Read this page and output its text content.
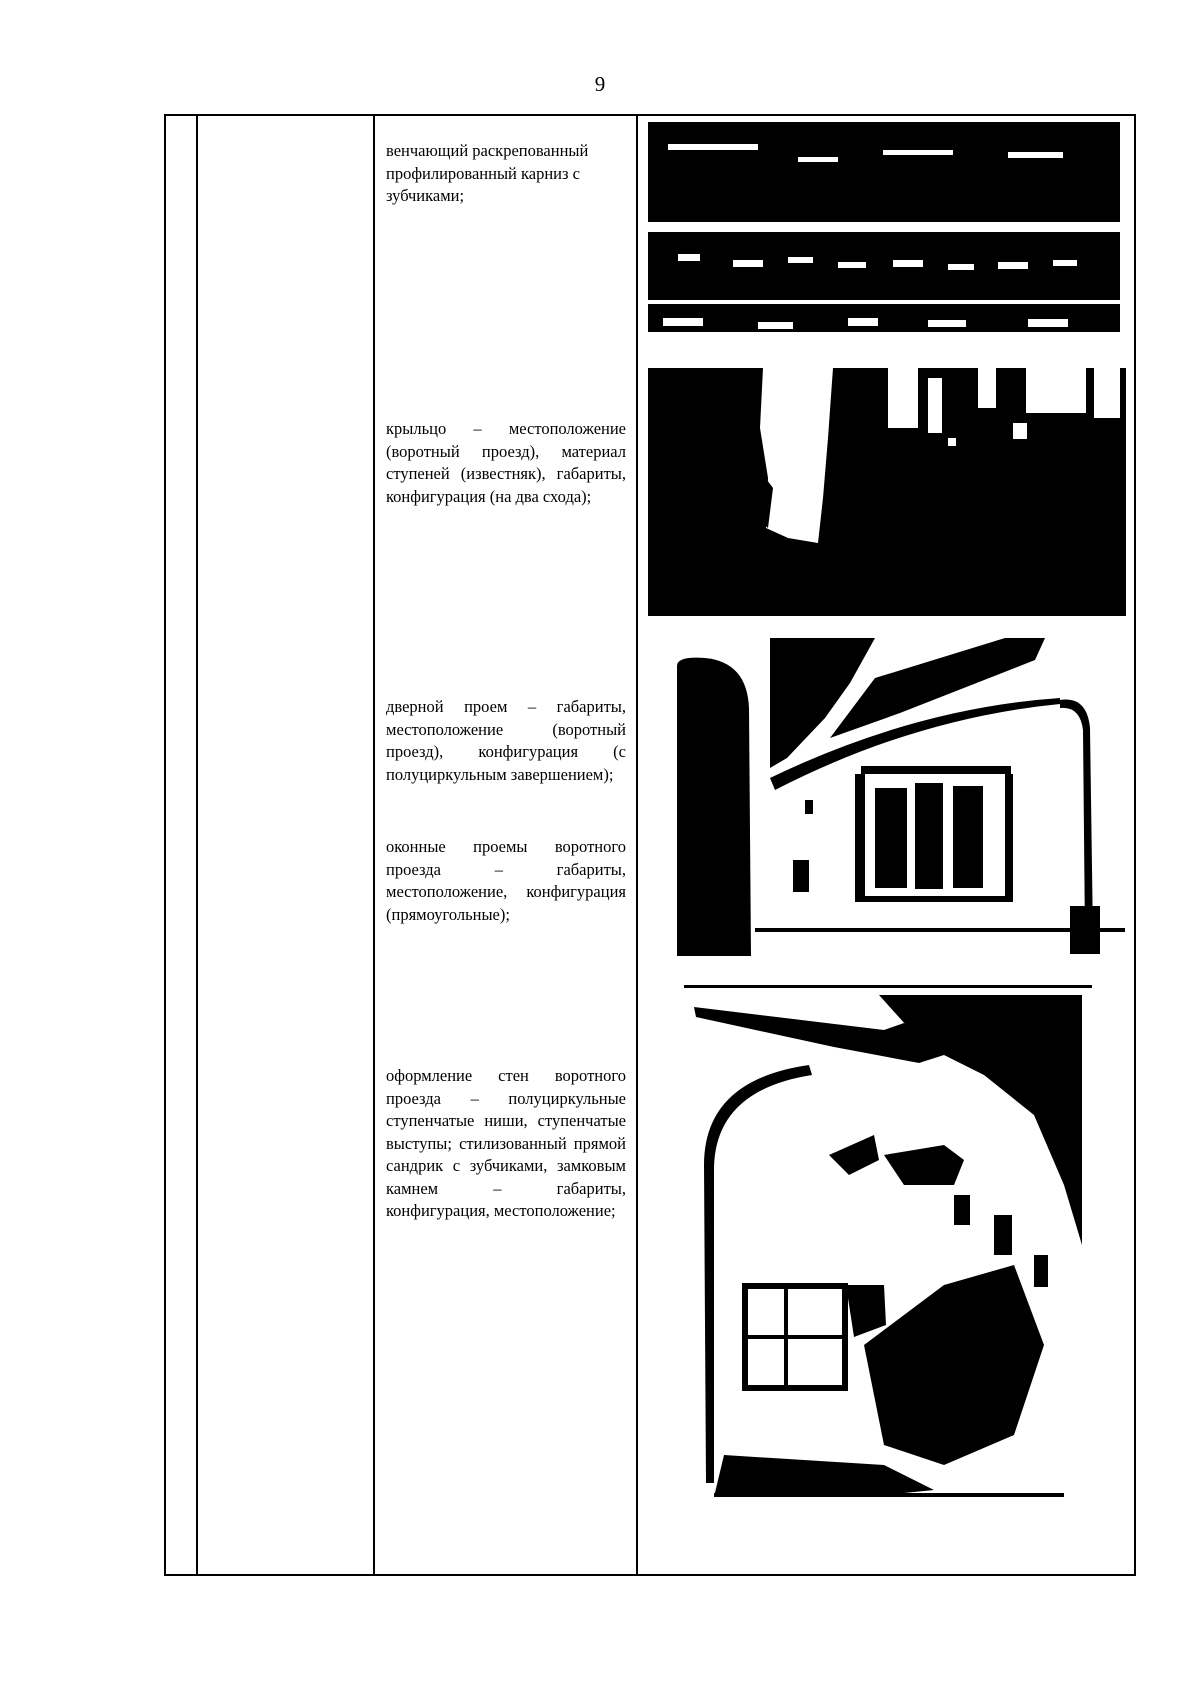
9
венчающий раскрепованный профилированный карниз с зубчиками;
крыльцо – местоположение (воротный проезд), материал ступеней (известняк), габариты, конфигурация (на два схода);
дверной проем – габариты, местоположение (воротный проезд), конфигурация (с полуциркульным завершением);
оконные проемы воротного проезда – габариты, местоположение, конфигурация (прямоугольные);
оформление стен воротного проезда – полуциркульные ступенчатые ниши, ступенчатые выступы; стилизованный прямой сандрик с зубчиками, замковым камнем – габариты, конфигурация, местоположение;
